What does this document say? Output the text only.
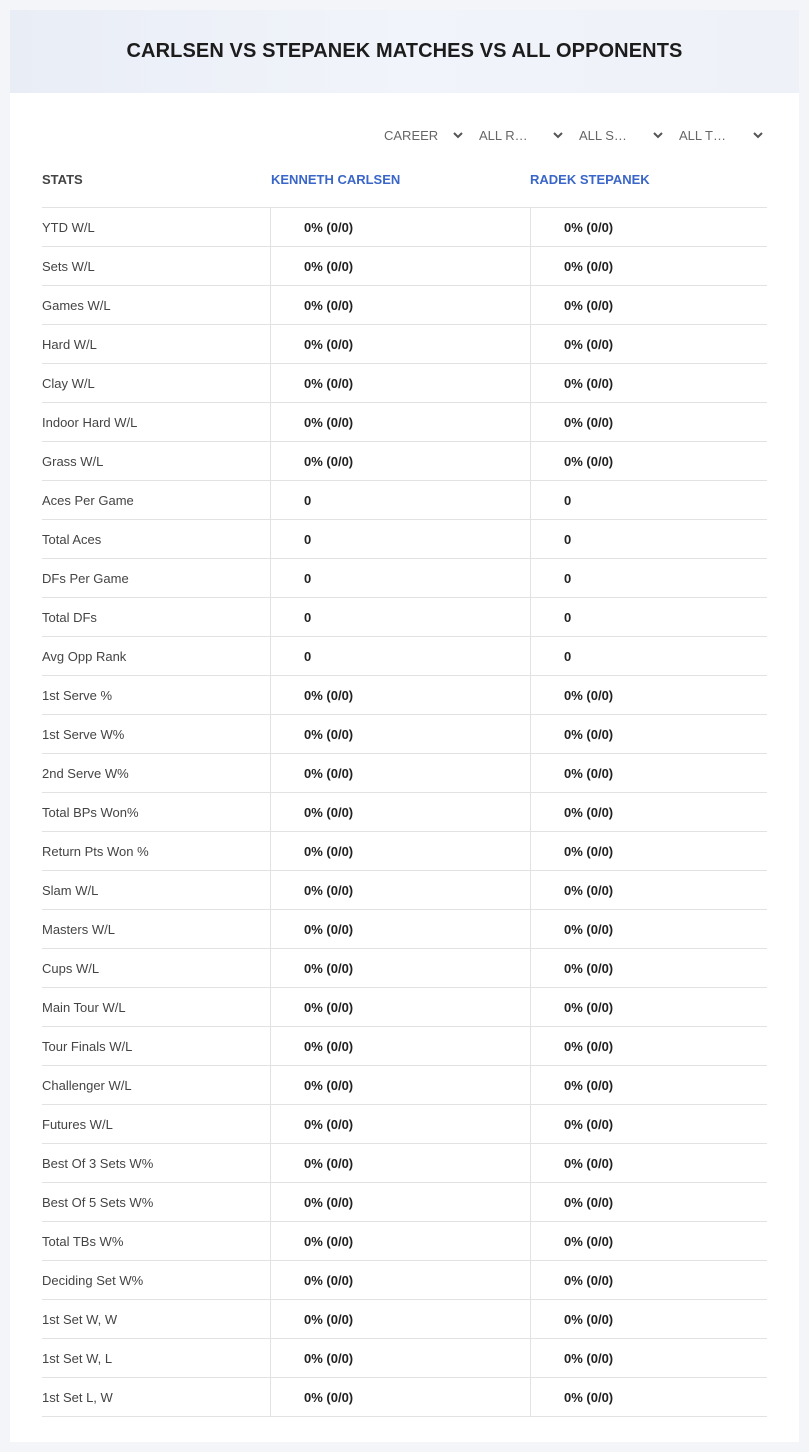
CARLSEN VS STEPANEK MATCHES VS ALL OPPONENTS
CAREER	ALL R…	ALL S…	ALL T…
STATS	KENNETH CARLSEN	RADEK STEPANEK
YTD W/L	0% (0/0)	0% (0/0)
Sets W/L	0% (0/0)	0% (0/0)
Games W/L	0% (0/0)	0% (0/0)
Hard W/L	0% (0/0)	0% (0/0)
Clay W/L	0% (0/0)	0% (0/0)
Indoor Hard W/L	0% (0/0)	0% (0/0)
Grass W/L	0% (0/0)	0% (0/0)
Aces Per Game	0	0
Total Aces	0	0
DFs Per Game	0	0
Total DFs	0	0
Avg Opp Rank	0	0
1st Serve %	0% (0/0)	0% (0/0)
1st Serve W%	0% (0/0)	0% (0/0)
2nd Serve W%	0% (0/0)	0% (0/0)
Total BPs Won%	0% (0/0)	0% (0/0)
Return Pts Won %	0% (0/0)	0% (0/0)
Slam W/L	0% (0/0)	0% (0/0)
Masters W/L	0% (0/0)	0% (0/0)
Cups W/L	0% (0/0)	0% (0/0)
Main Tour W/L	0% (0/0)	0% (0/0)
Tour Finals W/L	0% (0/0)	0% (0/0)
Challenger W/L	0% (0/0)	0% (0/0)
Futures W/L	0% (0/0)	0% (0/0)
Best Of 3 Sets W%	0% (0/0)	0% (0/0)
Best Of 5 Sets W%	0% (0/0)	0% (0/0)
Total TBs W%	0% (0/0)	0% (0/0)
Deciding Set W%	0% (0/0)	0% (0/0)
1st Set W, W	0% (0/0)	0% (0/0)
1st Set W, L	0% (0/0)	0% (0/0)
1st Set L, W	0% (0/0)	0% (0/0)
